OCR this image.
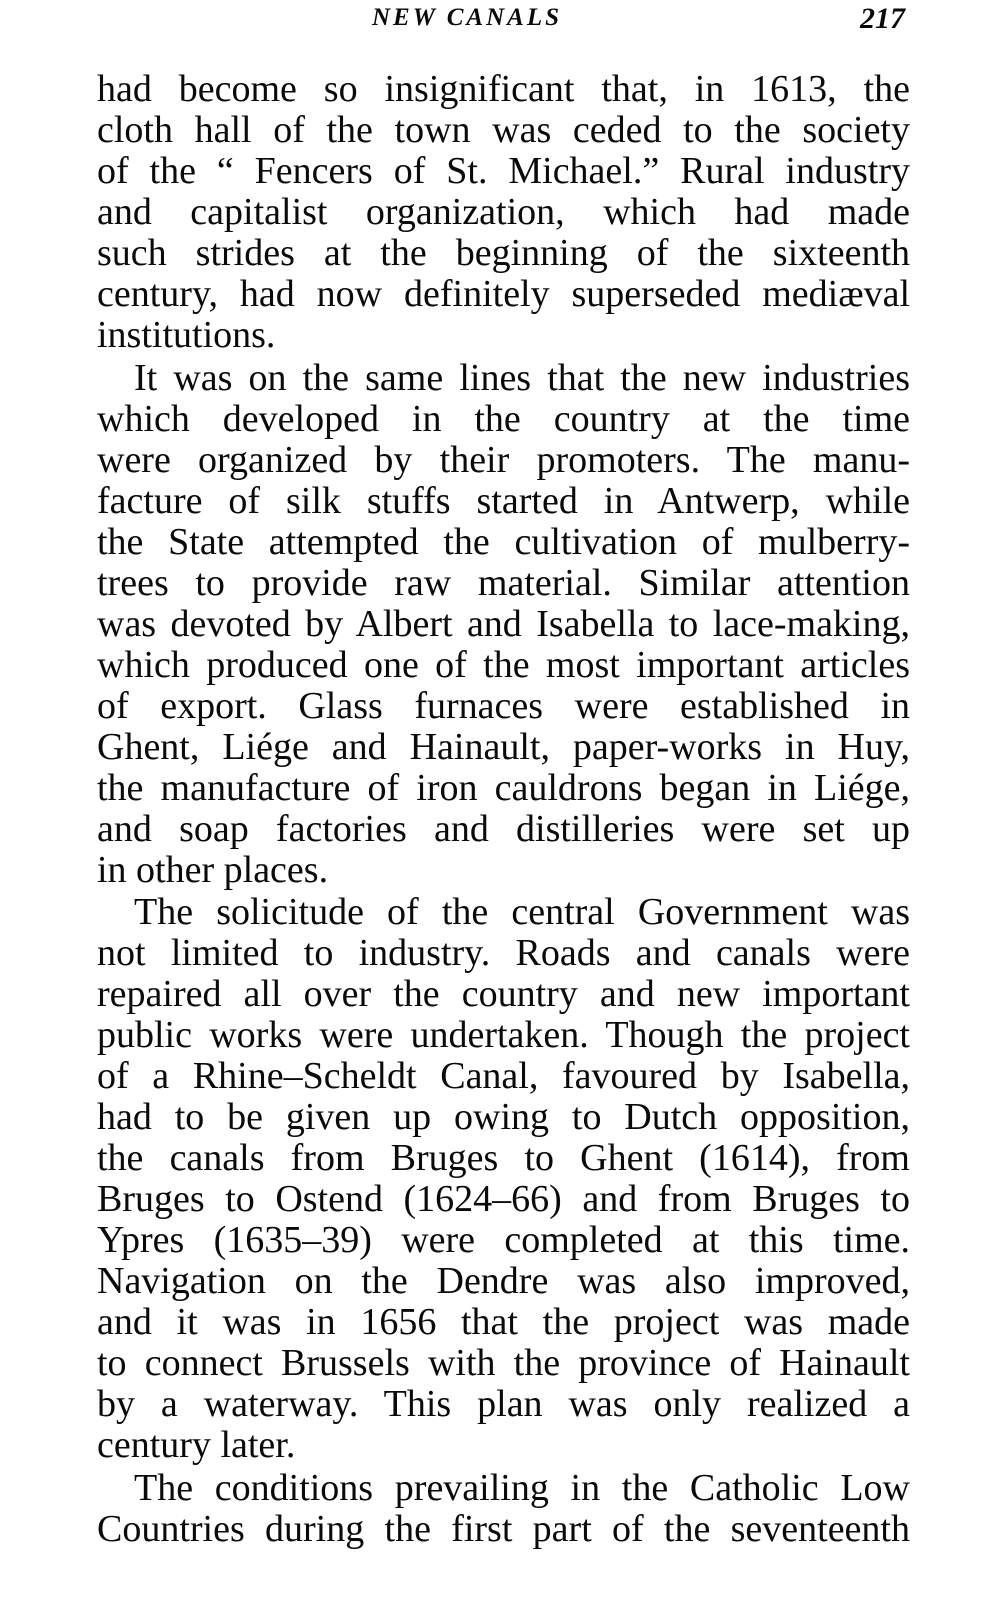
NEW CANALS	217
had become so insignificant that, in 1613, the
cloth hall of the town was ceded to the society
of the “ Fencers of St. Michael.” Rural industry
and capitalist organization, which had made
such strides at the beginning of the sixteenth
century, had now definitely superseded mediæval
institutions.
It was on the same lines that the new industries
which developed in the country at the time
were organized by their promoters. The manu-
facture of silk stuffs started in Antwerp, while
the State attempted the cultivation of mulberry-
trees to provide raw material. Similar attention
was devoted by Albert and Isabella to lace-making,
which produced one of the most important articles
of export. Glass furnaces were established in
Ghent, Liége and Hainault, paper-works in Huy,
the manufacture of iron cauldrons began in Liége,
and soap factories and distilleries were set up
in other places.
The solicitude of the central Government was
not limited to industry. Roads and canals were
repaired all over the country and new important
public works were undertaken. Though the project
of a Rhine–Scheldt Canal, favoured by Isabella,
had to be given up owing to Dutch opposition,
the canals from Bruges to Ghent (1614), from
Bruges to Ostend (1624–66) and from Bruges to
Ypres (1635–39) were completed at this time.
Navigation on the Dendre was also improved,
and it was in 1656 that the project was made
to connect Brussels with the province of Hainault
by a waterway. This plan was only realized a
century later.
The conditions prevailing in the Catholic Low
Countries during the first part of the seventeenth
